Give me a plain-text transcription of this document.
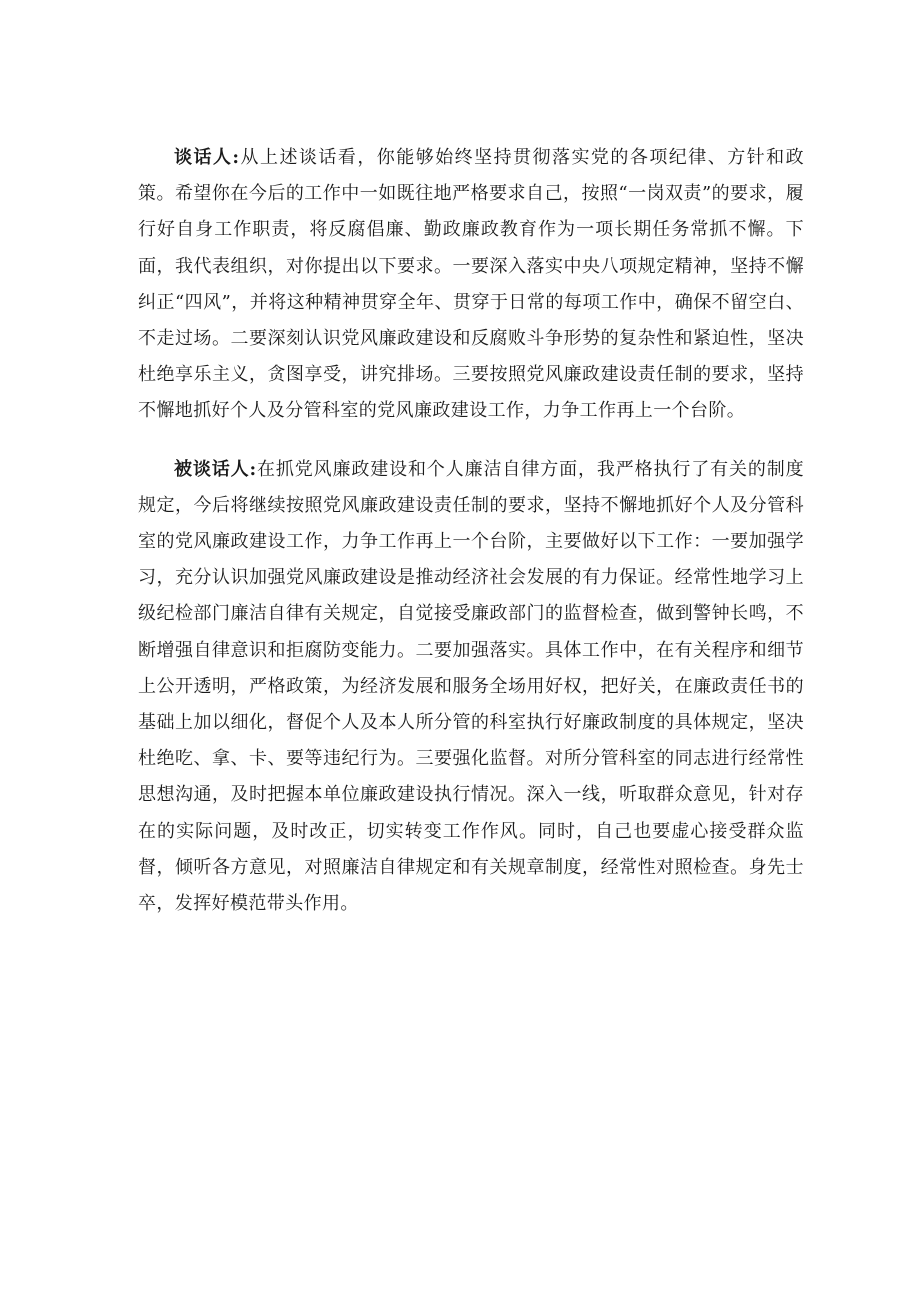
谈话人:从上述谈话看，你能够始终坚持贯彻落实党的各项纪律、方针和政策。希望你在今后的工作中一如既往地严格要求自己，按照“一岗双责”的要求，履行好自身工作职责，将反腐倡廉、勤政廉政教育作为一项长期任务常抓不懈。下面，我代表组织，对你提出以下要求。一要深入落实中央八项规定精神，坚持不懈纠正“四风”，并将这种精神贯穿全年、贯穿于日常的每项工作中，确保不留空白、不走过场。二要深刻认识党风廉政建设和反腐败斗争形势的复杂性和紧迫性，坚决杜绝享乐主义，贪图享受，讲究排场。三要按照党风廉政建设责任制的要求，坚持不懈地抓好个人及分管科室的党风廉政建设工作，力争工作再上一个台阶。

被谈话人:在抓党风廉政建设和个人廉洁自律方面，我严格执行了有关的制度规定，今后将继续按照党风廉政建设责任制的要求，坚持不懈地抓好个人及分管科室的党风廉政建设工作，力争工作再上一个台阶，主要做好以下工作：一要加强学习，充分认识加强党风廉政建设是推动经济社会发展的有力保证。经常性地学习上级纪检部门廉洁自律有关规定，自觉接受廉政部门的监督检查，做到警钟长鸣，不断增强自律意识和拒腐防变能力。二要加强落实。具体工作中，在有关程序和细节上公开透明，严格政策，为经济发展和服务全场用好权，把好关，在廉政责任书的基础上加以细化，督促个人及本人所分管的科室执行好廉政制度的具体规定，坚决杜绝吃、拿、卡、要等违纪行为。三要强化监督。对所分管科室的同志进行经常性思想沟通，及时把握本单位廉政建设执行情况。深入一线，听取群众意见，针对存在的实际问题，及时改正，切实转变工作作风。同时，自己也要虚心接受群众监督，倾听各方意见，对照廉洁自律规定和有关规章制度，经常性对照检查。身先士卒，发挥好模范带头作用。
